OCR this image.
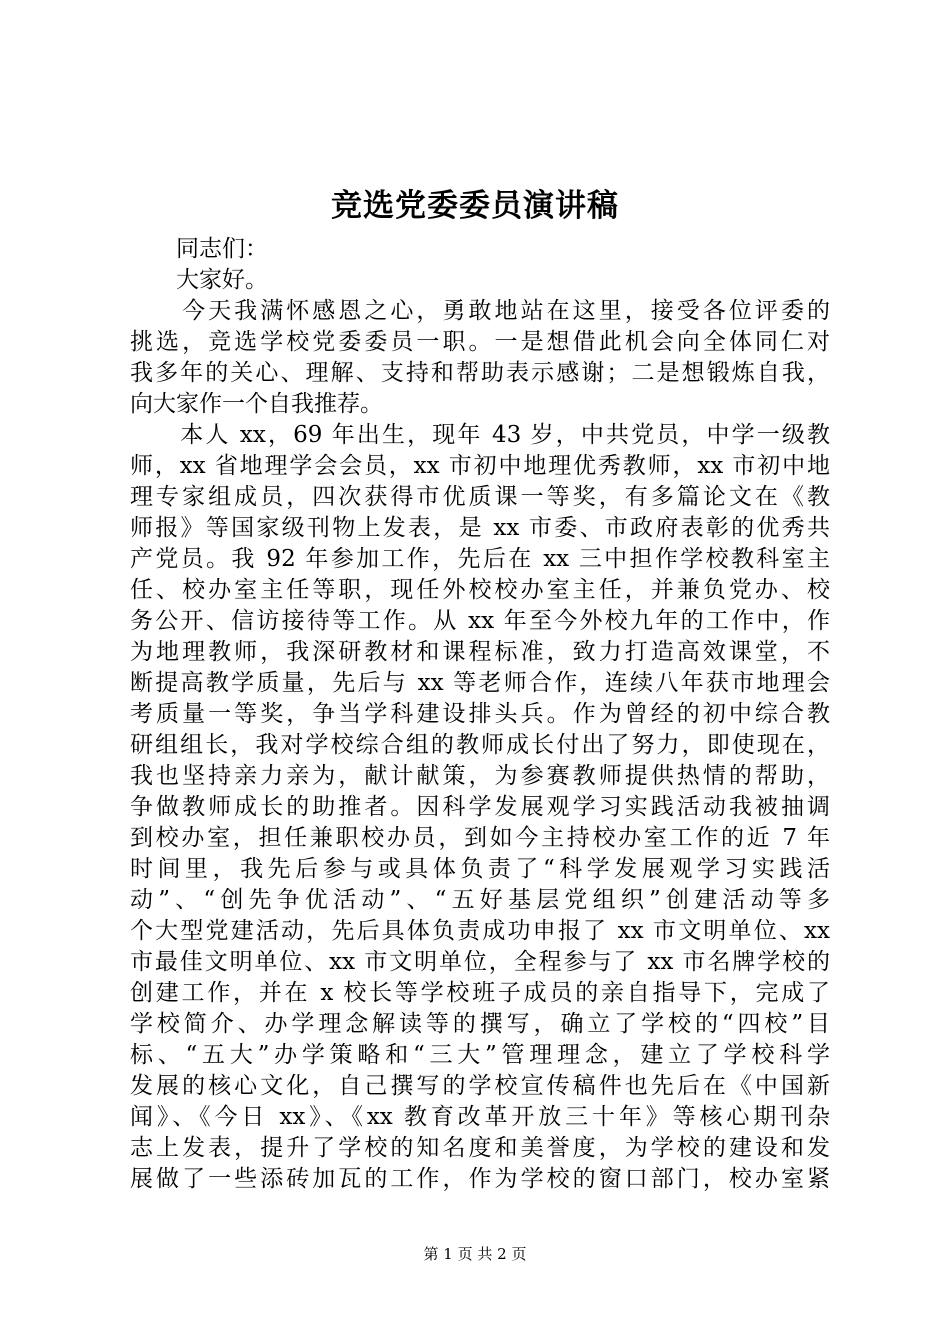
竞选党委委员演讲稿
　　同志们：
　　大家好。
　　今天我满怀感恩之心，勇敢地站在这里，接受各位评委的
挑选，竞选学校党委委员一职。一是想借此机会向全体同仁对
我多年的关心、理解、支持和帮助表示感谢；二是想锻炼自我，
向大家作一个自我推荐。
　　本人 xx，69 年出生，现年 43 岁，中共党员，中学一级教
师，xx 省地理学会会员，xx 市初中地理优秀教师，xx 市初中地
理专家组成员，四次获得市优质课一等奖，有多篇论文在《教
师报》等国家级刊物上发表，是 xx 市委、市政府表彰的优秀共
产党员。我 92 年参加工作，先后在 xx 三中担作学校教科室主
任、校办室主任等职，现任外校校办室主任，并兼负党办、校
务公开、信访接待等工作。从 xx 年至今外校九年的工作中，作
为地理教师，我深研教材和课程标准，致力打造高效课堂，不
断提高教学质量，先后与 xx 等老师合作，连续八年获市地理会
考质量一等奖，争当学科建设排头兵。作为曾经的初中综合教
研组组长，我对学校综合组的教师成长付出了努力，即使现在，
我也坚持亲力亲为，献计献策，为参赛教师提供热情的帮助，
争做教师成长的助推者。因科学发展观学习实践活动我被抽调
到校办室，担任兼职校办员，到如今主持校办室工作的近 7 年
时间里，我先后参与或具体负责了“科学发展观学习实践活
动”、“创先争优活动”、“五好基层党组织”创建活动等多
个大型党建活动，先后具体负责成功申报了 xx 市文明单位、xx
市最佳文明单位、xx 市文明单位，全程参与了 xx 市名牌学校的
创建工作，并在 x 校长等学校班子成员的亲自指导下，完成了
学校简介、办学理念解读等的撰写，确立了学校的“四校”目
标、“五大”办学策略和“三大”管理理念，建立了学校科学
发展的核心文化，自己撰写的学校宣传稿件也先后在《中国新
闻》、《今日 xx》、《xx 教育改革开放三十年》等核心期刊杂
志上发表，提升了学校的知名度和美誉度，为学校的建设和发
展做了一些添砖加瓦的工作，作为学校的窗口部门，校办室紧
第 1 页 共 2 页
